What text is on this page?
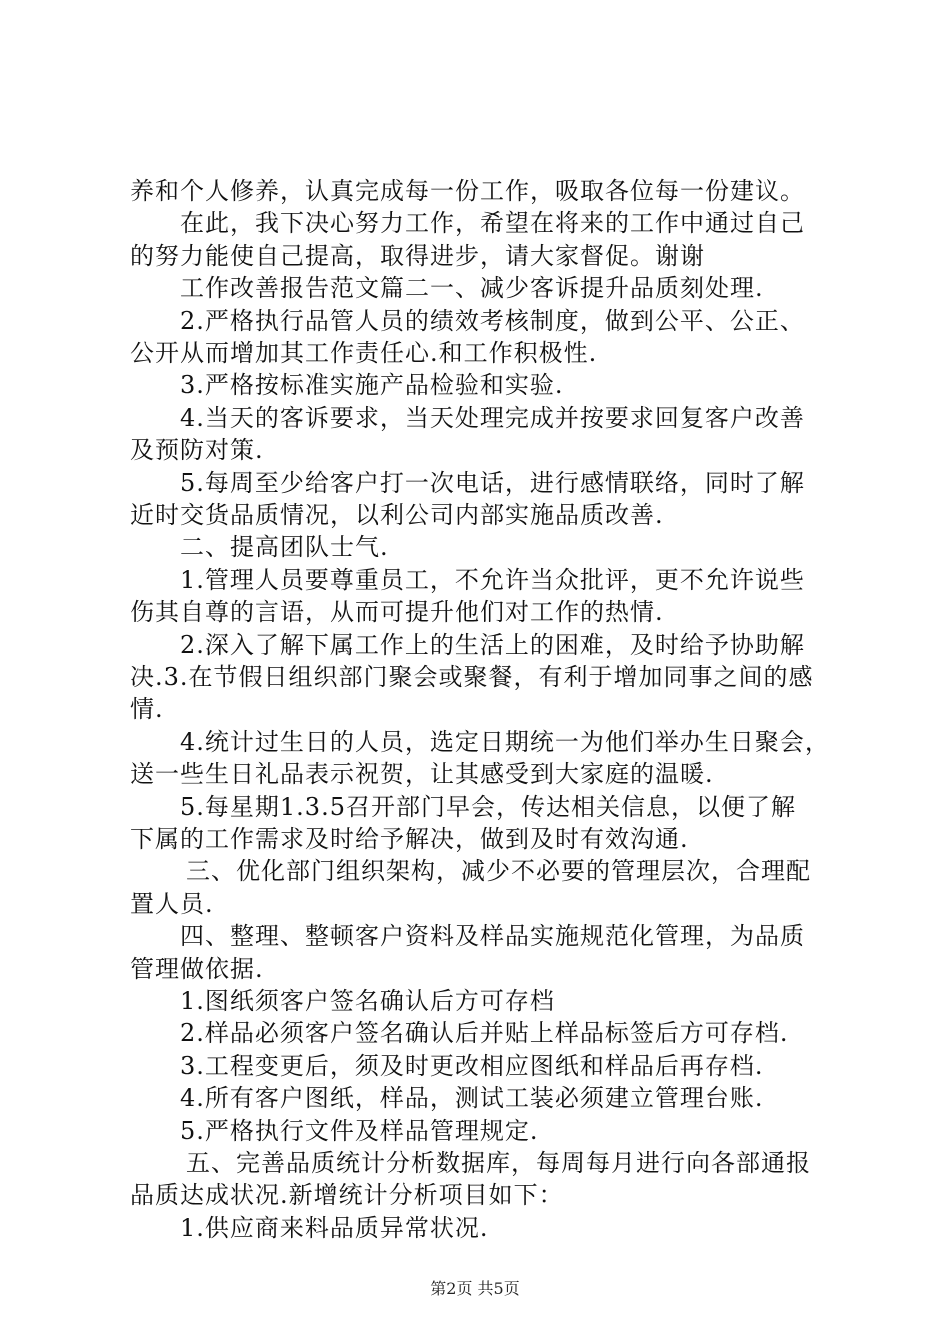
养和个人修养，认真完成每一份工作，吸取各位每一份建议。
在此，我下决心努力工作，希望在将来的工作中通过自己
的努力能使自己提高，取得进步，请大家督促。谢谢
工作改善报告范文篇二一、减少客诉提升品质刻处理.
2.严格执行品管人员的绩效考核制度，做到公平、公正、
公开从而增加其工作责任心.和工作积极性.
3.严格按标准实施产品检验和实验.
4.当天的客诉要求，当天处理完成并按要求回复客户改善
及预防对策.
5.每周至少给客户打一次电话，进行感情联络，同时了解
近时交货品质情况，以利公司内部实施品质改善.
二、提高团队士气.
1.管理人员要尊重员工，不允许当众批评，更不允许说些
伤其自尊的言语，从而可提升他们对工作的热情.
2.深入了解下属工作上的生活上的困难，及时给予协助解
决.3.在节假日组织部门聚会或聚餐，有利于增加同事之间的感
情.
4.统计过生日的人员，选定日期统一为他们举办生日聚会，
送一些生日礼品表示祝贺，让其感受到大家庭的温暖.
5.每星期1.3.5召开部门早会，传达相关信息，以便了解
下属的工作需求及时给予解决，做到及时有效沟通.
三、优化部门组织架构，减少不必要的管理层次，合理配
置人员.
四、整理、整顿客户资料及样品实施规范化管理，为品质
管理做依据.
1.图纸须客户签名确认后方可存档
2.样品必须客户签名确认后并贴上样品标签后方可存档.
3.工程变更后，须及时更改相应图纸和样品后再存档.
4.所有客户图纸，样品，测试工装必须建立管理台账.
5.严格执行文件及样品管理规定.
五、完善品质统计分析数据库，每周每月进行向各部通报
品质达成状况.新增统计分析项目如下：
1.供应商来料品质异常状况.
第2页 共5页
